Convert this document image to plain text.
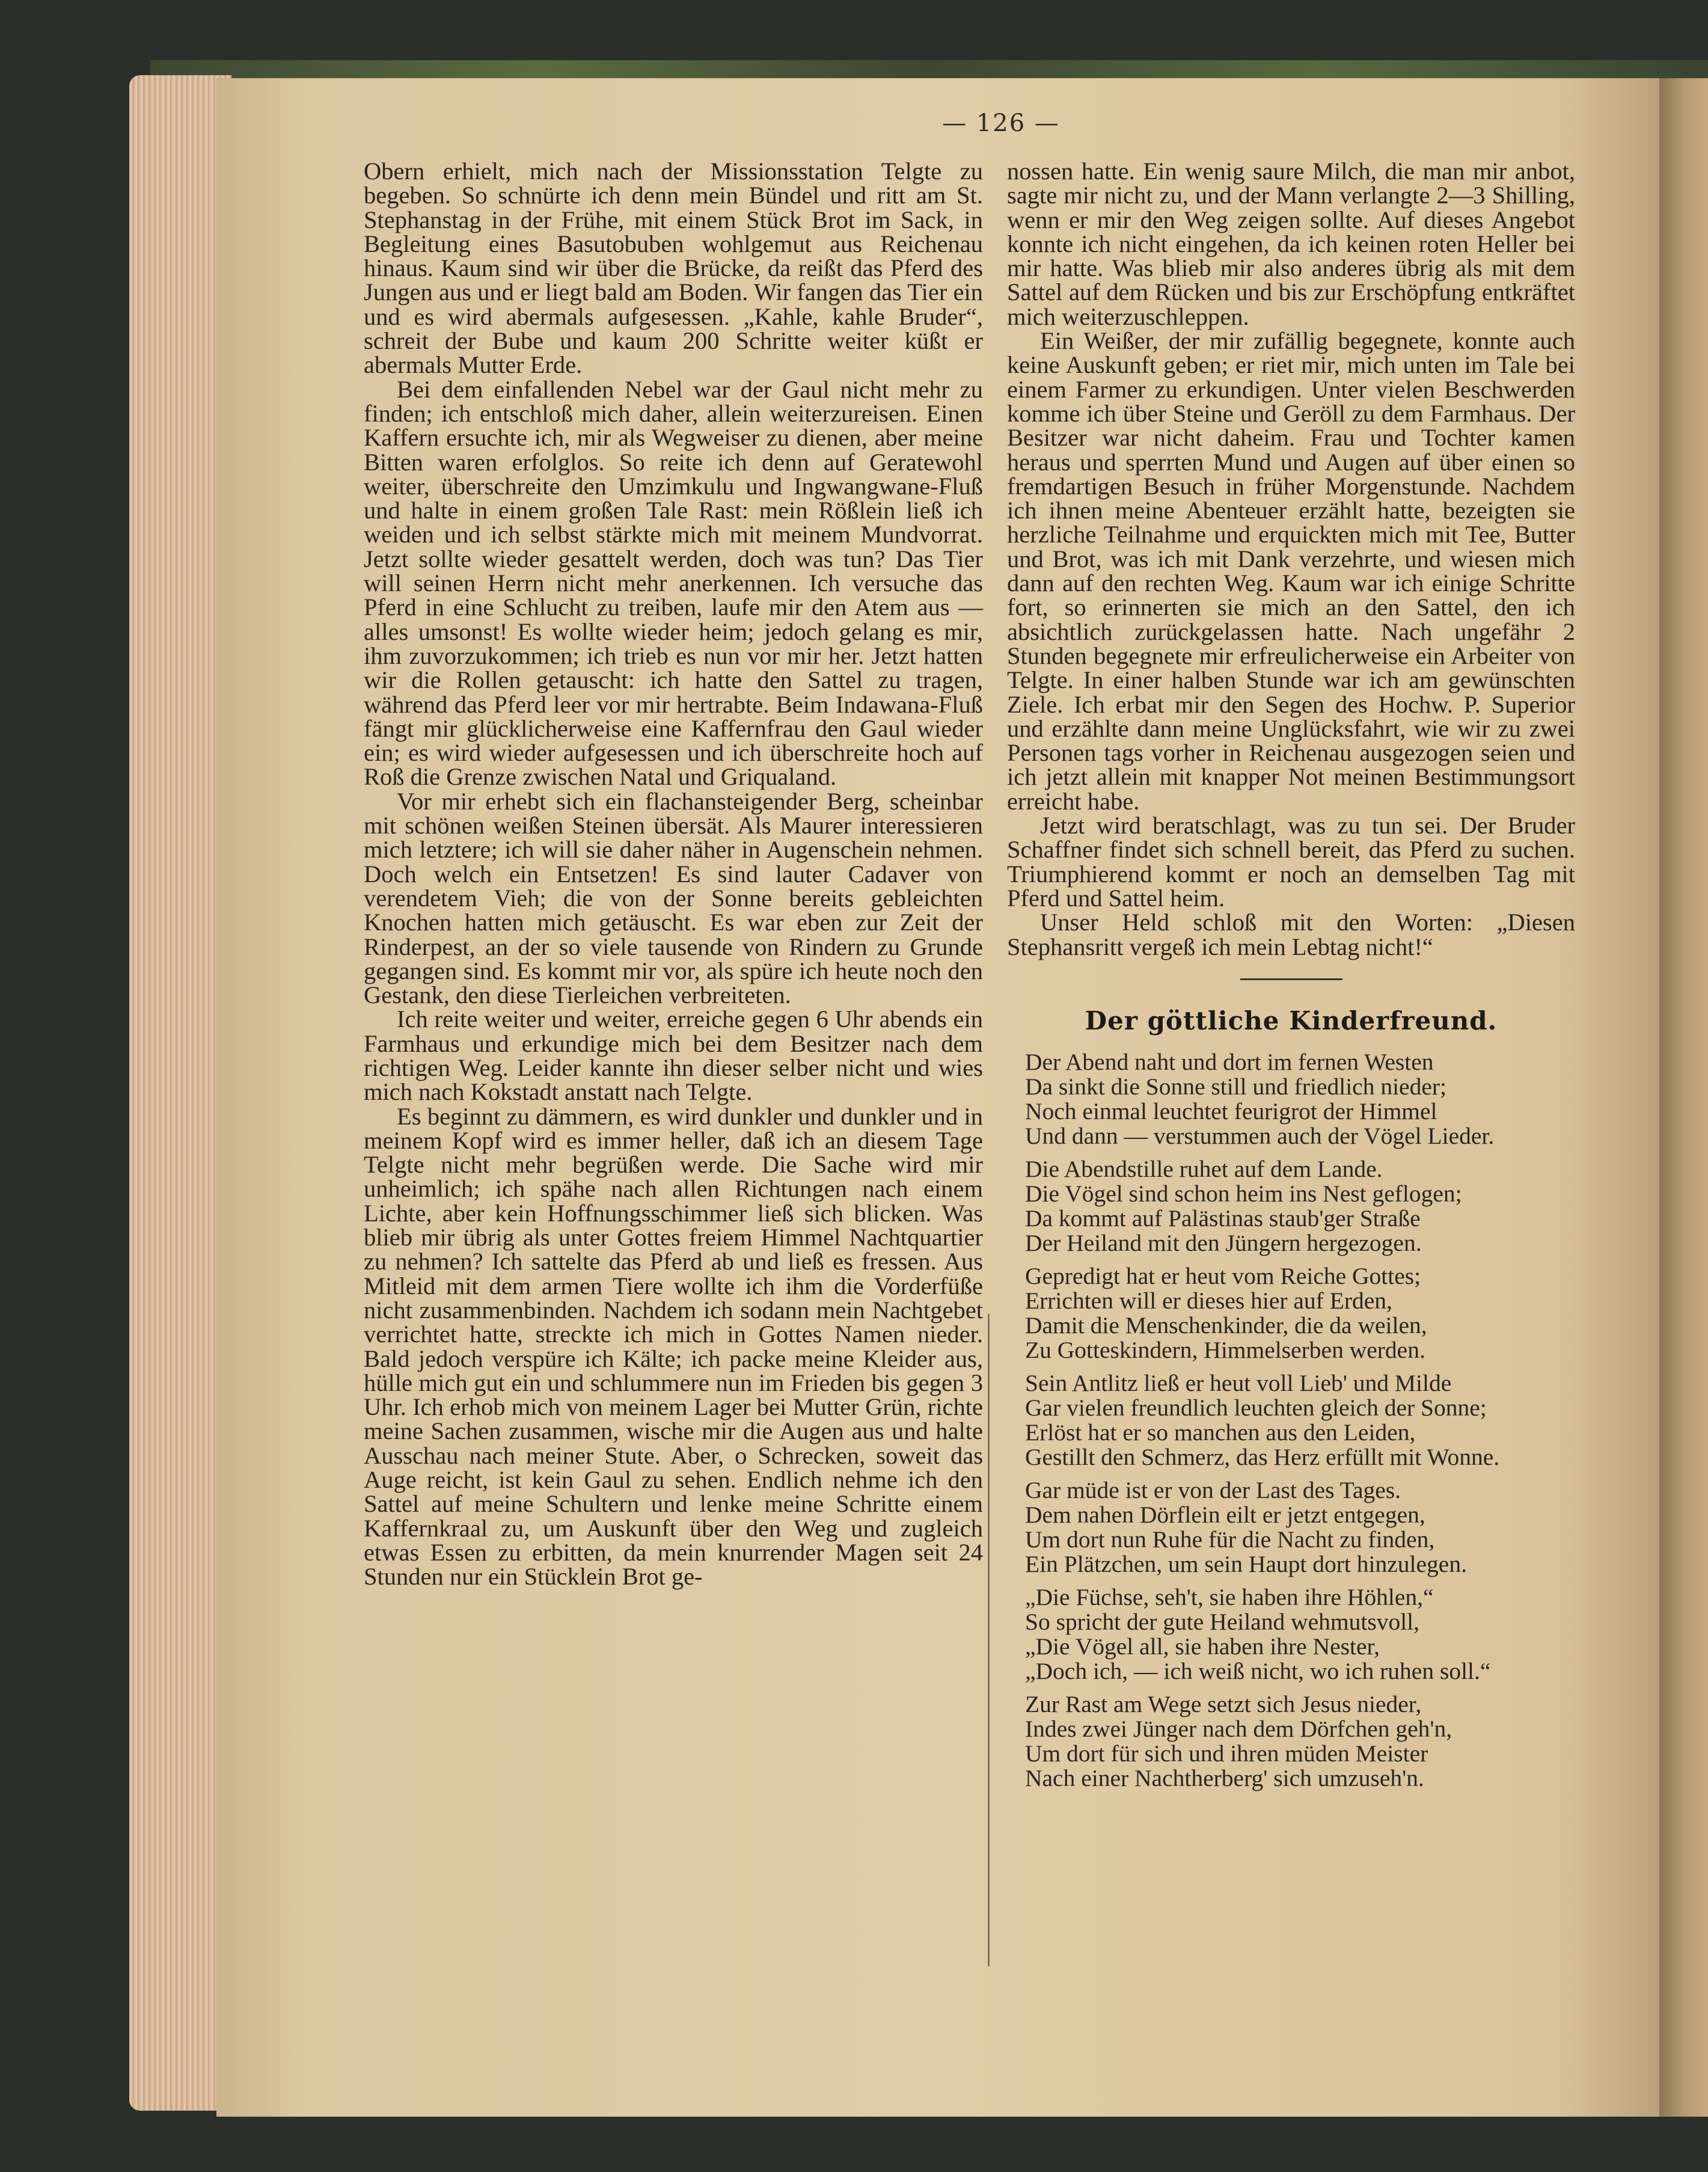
— 126 —

Obern erhielt, mich nach der Missionsstation Telgte zu begeben. So schnürte ich denn mein Bündel und ritt am St. Stephanstag in der Frühe, mit einem Stück Brot im Sack, in Begleitung eines Basutobuben wohlgemut aus Reichenau hinaus. Kaum sind wir über die Brücke, da reißt das Pferd des Jungen aus und er liegt bald am Boden. Wir fangen das Tier ein und es wird abermals aufgesessen. „Kahle, kahle Bruder“, schreit der Bube und kaum 200 Schritte weiter küßt er abermals Mutter Erde.

Bei dem einfallenden Nebel war der Gaul nicht mehr zu finden; ich entschloß mich daher, allein weiterzureisen. Einen Kaffern ersuchte ich, mir als Wegweiser zu dienen, aber meine Bitten waren erfolglos. So reite ich denn auf Geratewohl weiter, überschreite den Umzimkulu und Ingwangwane-Fluß und halte in einem großen Tale Rast: mein Rößlein ließ ich weiden und ich selbst stärkte mich mit meinem Mundvorrat. Jetzt sollte wieder gesattelt werden, doch was tun? Das Tier will seinen Herrn nicht mehr anerkennen. Ich versuche das Pferd in eine Schlucht zu treiben, laufe mir den Atem aus — alles umsonst! Es wollte wieder heim; jedoch gelang es mir, ihm zuvorzukommen; ich trieb es nun vor mir her. Jetzt hatten wir die Rollen getauscht: ich hatte den Sattel zu tragen, während das Pferd leer vor mir hertrabte. Beim Indawana-Fluß fängt mir glücklicherweise eine Kaffernfrau den Gaul wieder ein; es wird wieder aufgesessen und ich überschreite hoch auf Roß die Grenze zwischen Natal und Griqualand.

Vor mir erhebt sich ein flachansteigender Berg, scheinbar mit schönen weißen Steinen übersät. Als Maurer interessieren mich letztere; ich will sie daher näher in Augenschein nehmen. Doch welch ein Entsetzen! Es sind lauter Cadaver von verendetem Vieh; die von der Sonne bereits gebleichten Knochen hatten mich getäuscht. Es war eben zur Zeit der Rinderpest, an der so viele tausende von Rindern zu Grunde gegangen sind. Es kommt mir vor, als spüre ich heute noch den Gestank, den diese Tierleichen verbreiteten.

Ich reite weiter und weiter, erreiche gegen 6 Uhr abends ein Farmhaus und erkundige mich bei dem Besitzer nach dem richtigen Weg. Leider kannte ihn dieser selber nicht und wies mich nach Kokstadt anstatt nach Telgte.

Es beginnt zu dämmern, es wird dunkler und dunkler und in meinem Kopf wird es immer heller, daß ich an diesem Tage Telgte nicht mehr begrüßen werde. Die Sache wird mir unheimlich; ich spähe nach allen Richtungen nach einem Lichte, aber kein Hoffnungsschimmer ließ sich blicken. Was blieb mir übrig als unter Gottes freiem Himmel Nachtquartier zu nehmen? Ich sattelte das Pferd ab und ließ es fressen. Aus Mitleid mit dem armen Tiere wollte ich ihm die Vorderfüße nicht zusammenbinden. Nachdem ich sodann mein Nachtgebet verrichtet hatte, streckte ich mich in Gottes Namen nieder. Bald jedoch verspüre ich Kälte; ich packe meine Kleider aus, hülle mich gut ein und schlummere nun im Frieden bis gegen 3 Uhr. Ich erhob mich von meinem Lager bei Mutter Grün, richte meine Sachen zusammen, wische mir die Augen aus und halte Ausschau nach meiner Stute. Aber, o Schrecken, soweit das Auge reicht, ist kein Gaul zu sehen. Endlich nehme ich den Sattel auf meine Schultern und lenke meine Schritte einem Kaffernkraal zu, um Auskunft über den Weg und zugleich etwas Essen zu erbitten, da mein knurrender Magen seit 24 Stunden nur ein Stücklein Brot ge-

nossen hatte. Ein wenig saure Milch, die man mir anbot, sagte mir nicht zu, und der Mann verlangte 2—3 Shilling, wenn er mir den Weg zeigen sollte. Auf dieses Angebot konnte ich nicht eingehen, da ich keinen roten Heller bei mir hatte. Was blieb mir also anderes übrig als mit dem Sattel auf dem Rücken und bis zur Erschöpfung entkräftet mich weiterzuschleppen.

Ein Weißer, der mir zufällig begegnete, konnte auch keine Auskunft geben; er riet mir, mich unten im Tale bei einem Farmer zu erkundigen. Unter vielen Beschwerden komme ich über Steine und Geröll zu dem Farmhaus. Der Besitzer war nicht daheim. Frau und Tochter kamen heraus und sperrten Mund und Augen auf über einen so fremdartigen Besuch in früher Morgenstunde. Nachdem ich ihnen meine Abenteuer erzählt hatte, bezeigten sie herzliche Teilnahme und erquickten mich mit Tee, Butter und Brot, was ich mit Dank verzehrte, und wiesen mich dann auf den rechten Weg. Kaum war ich einige Schritte fort, so erinnerten sie mich an den Sattel, den ich absichtlich zurückgelassen hatte. Nach ungefähr 2 Stunden begegnete mir erfreulicherweise ein Arbeiter von Telgte. In einer halben Stunde war ich am gewünschten Ziele. Ich erbat mir den Segen des Hochw. P. Superior und erzählte dann meine Unglücksfahrt, wie wir zu zwei Personen tags vorher in Reichenau ausgezogen seien und ich jetzt allein mit knapper Not meinen Bestimmungsort erreicht habe.

Jetzt wird beratschlagt, was zu tun sei. Der Bruder Schaffner findet sich schnell bereit, das Pferd zu suchen. Triumphierend kommt er noch an demselben Tag mit Pferd und Sattel heim.

Unser Held schloß mit den Worten: „Diesen Stephansritt vergeß ich mein Lebtag nicht!“

Der göttliche Kinderfreund.
Der Abend naht und dort im fernen Westen
Da sinkt die Sonne still und friedlich nieder;
Noch einmal leuchtet feurigrot der Himmel
Und dann — verstummen auch der Vögel Lieder.
Die Abendstille ruhet auf dem Lande.
Die Vögel sind schon heim ins Nest geflogen;
Da kommt auf Palästinas staub'ger Straße
Der Heiland mit den Jüngern hergezogen.
Gepredigt hat er heut vom Reiche Gottes;
Errichten will er dieses hier auf Erden,
Damit die Menschenkinder, die da weilen,
Zu Gotteskindern, Himmelserben werden.
Sein Antlitz ließ er heut voll Lieb' und Milde
Gar vielen freundlich leuchten gleich der Sonne;
Erlöst hat er so manchen aus den Leiden,
Gestillt den Schmerz, das Herz erfüllt mit Wonne.
Gar müde ist er von der Last des Tages.
Dem nahen Dörflein eilt er jetzt entgegen,
Um dort nun Ruhe für die Nacht zu finden,
Ein Plätzchen, um sein Haupt dort hinzulegen.
„Die Füchse, seh't, sie haben ihre Höhlen,“
So spricht der gute Heiland wehmutsvoll,
„Die Vögel all, sie haben ihre Nester,
„Doch ich, — ich weiß nicht, wo ich ruhen soll.“
Zur Rast am Wege setzt sich Jesus nieder,
Indes zwei Jünger nach dem Dörfchen geh'n,
Um dort für sich und ihren müden Meister
Nach einer Nachtherberg' sich umzuseh'n.
